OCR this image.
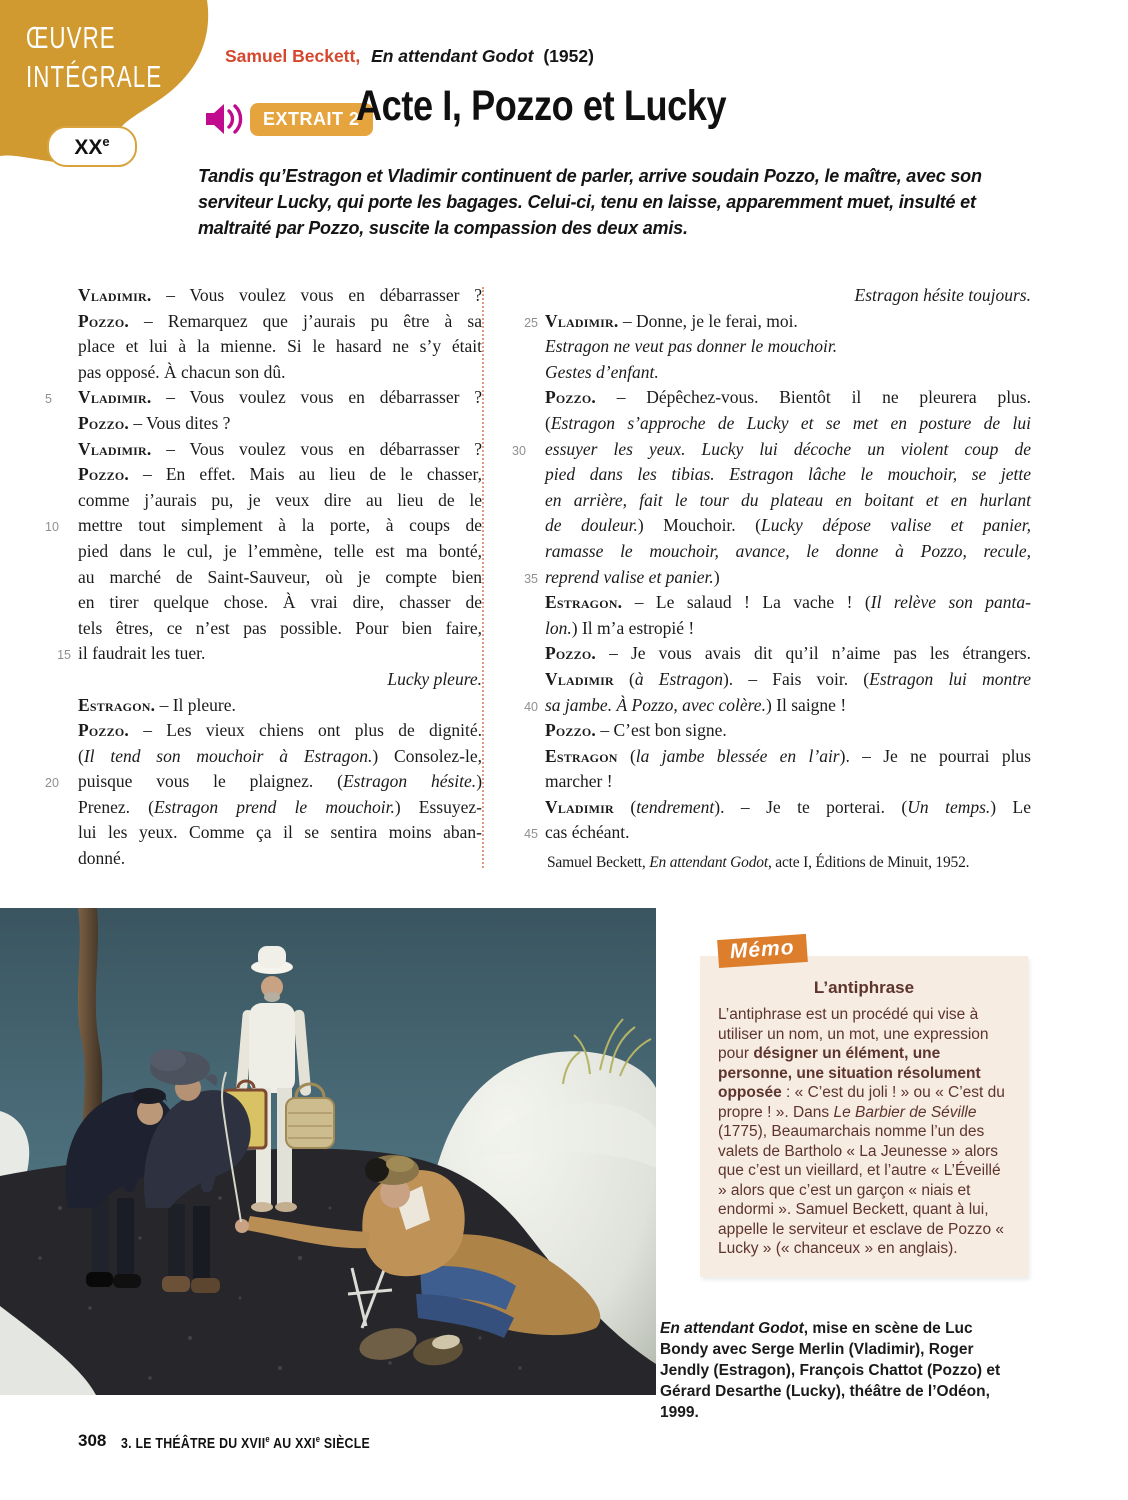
ŒUVRE
INTÉGRALE
XXe
Samuel Beckett, En attendant Godot (1952)
EXTRAIT 2
Acte I, Pozzo et Lucky
Tandis qu’Estragon et Vladimir continuent de parler, arrive soudain Pozzo, le maître, avec son
serviteur Lucky, qui porte les bagages. Celui-ci, tenu en laisse, apparemment muet, insulté et
maltraité par Pozzo, suscite la compassion des deux amis.
Vladimir. – Vous voulez vous en débarrasser ?
Pozzo. – Remarquez que j’aurais pu être à sa
place et lui à la mienne. Si le hasard ne s’y était
pas opposé. À chacun son dû.
5	Vladimir. – Vous voulez vous en débarrasser ?
Pozzo. – Vous dites ?
Vladimir. – Vous voulez vous en débarrasser ?
Pozzo. – En effet. Mais au lieu de le chasser,
comme j’aurais pu, je veux dire au lieu de le
10	mettre tout simplement à la porte, à coups de
pied dans le cul, je l’emmène, telle est ma bonté,
au marché de Saint-Sauveur, où je compte bien
en tirer quelque chose. À vrai dire, chasser de
tels êtres, ce n’est pas possible. Pour bien faire,
15 il faudrait les tuer.
Lucky pleure.
Estragon. – Il pleure.
Pozzo. – Les vieux chiens ont plus de dignité.
(Il tend son mouchoir à Estragon.) Consolez-le,
20	puisque vous le plaignez. (Estragon hésite.)
Prenez. (Estragon prend le mouchoir.) Essuyez-
lui les yeux. Comme ça il se sentira moins aban-
donné.
Estragon hésite toujours.
25 Vladimir. – Donne, je le ferai, moi.
Estragon ne veut pas donner le mouchoir.
Gestes d’enfant.
Pozzo. – Dépêchez-vous. Bientôt il ne pleurera plus.
(Estragon s’approche de Lucky et se met en posture de lui
30	essuyer les yeux. Lucky lui décoche un violent coup de
pied dans les tibias. Estragon lâche le mouchoir, se jette
en arrière, fait le tour du plateau en boitant et en hurlant
de douleur.) Mouchoir. (Lucky dépose valise et panier,
ramasse le mouchoir, avance, le donne à Pozzo, recule,
35 reprend valise et panier.)
Estragon. – Le salaud ! La vache ! (Il relève son panta-
lon.) Il m’a estropié !
Pozzo. – Je vous avais dit qu’il n’aime pas les étrangers.
Vladimir (à Estragon). – Fais voir. (Estragon lui montre
40 sa jambe. À Pozzo, avec colère.) Il saigne !
Pozzo. – C’est bon signe.
Estragon (la jambe blessée en l’air). – Je ne pourrai plus
marcher !
Vladimir (tendrement). – Je te porterai. (Un temps.) Le
45 cas échéant.
Samuel Beckett, En attendant Godot, acte I, Éditions de Minuit, 1952.
Mémo
L’antiphrase
L’antiphrase est un procédé qui vise à utiliser un nom, un mot, une expression pour désigner un élément, une personne, une situation résolument opposée : « C’est du joli ! » ou « C’est du propre ! ». Dans Le Barbier de Séville (1775), Beaumarchais nomme l’un des valets de Bartholo « La Jeunesse » alors que c’est un vieillard, et l’autre « L’Éveillé » alors que c’est un garçon « niais et endormi ». Samuel Beckett, quant à lui, appelle le serviteur et esclave de Pozzo « Lucky » (« chanceux » en anglais).
En attendant Godot, mise en scène de Luc Bondy avec Serge Merlin (Vladimir), Roger Jendly (Estragon), François Chattot (Pozzo) et Gérard Desarthe (Lucky), théâtre de l’Odéon, 1999.
308 3. LE THÉÂTRE DU XVIIe AU XXIe SIÈCLE
